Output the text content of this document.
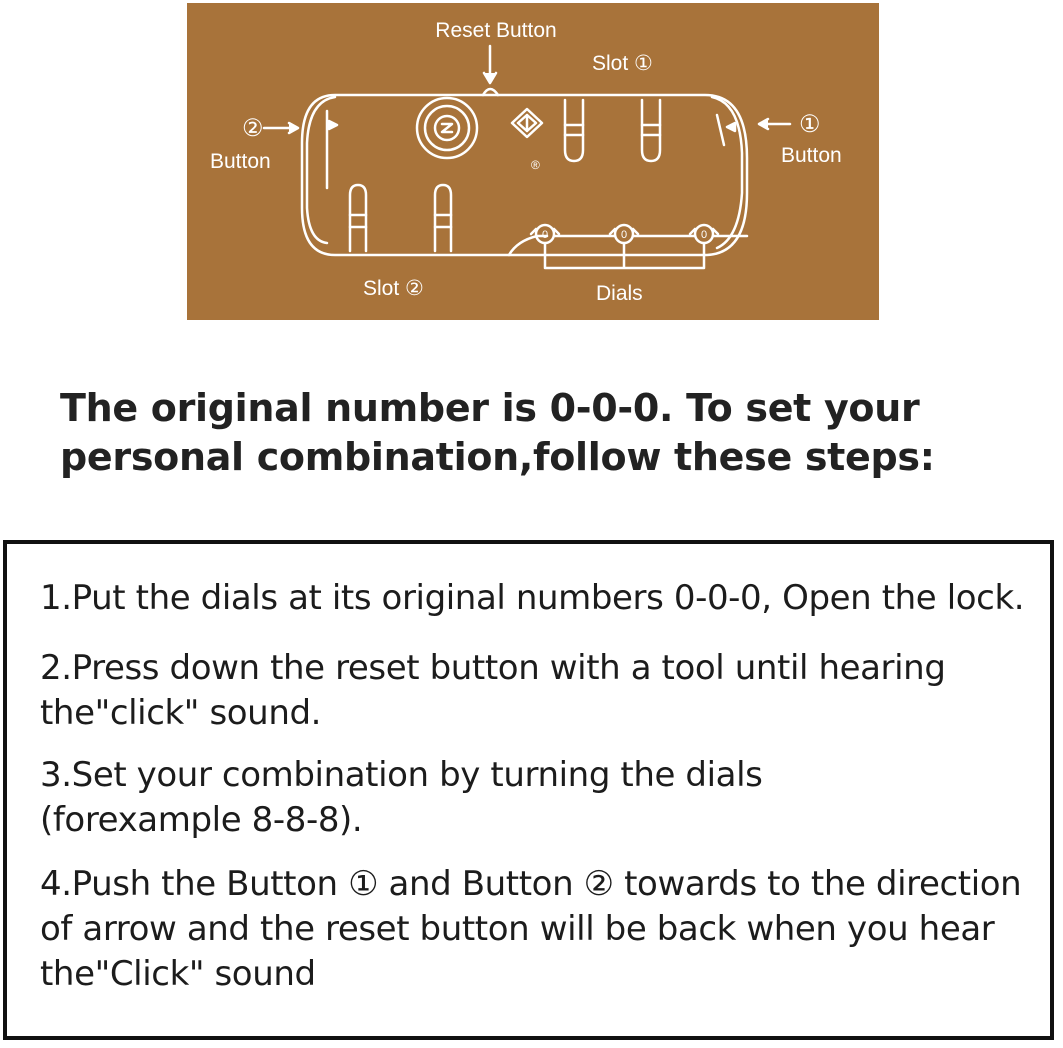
Reset Button
Slot ①
②
Button
①
Button
®
0	0	0
Slot ②	Dials

The original number is 0-0-0. To set your personal combination,follow these steps:

1.Put the dials at its original numbers 0-0-0, Open the lock.

2.Press down the reset button with a tool until hearing
the"click" sound.

3.Set your combination by turning the dials
(forexample 8-8-8).

4.Push the Button ① and Button ② towards to the direction
of arrow and the reset button will be back when you hear
the"Click" sound
